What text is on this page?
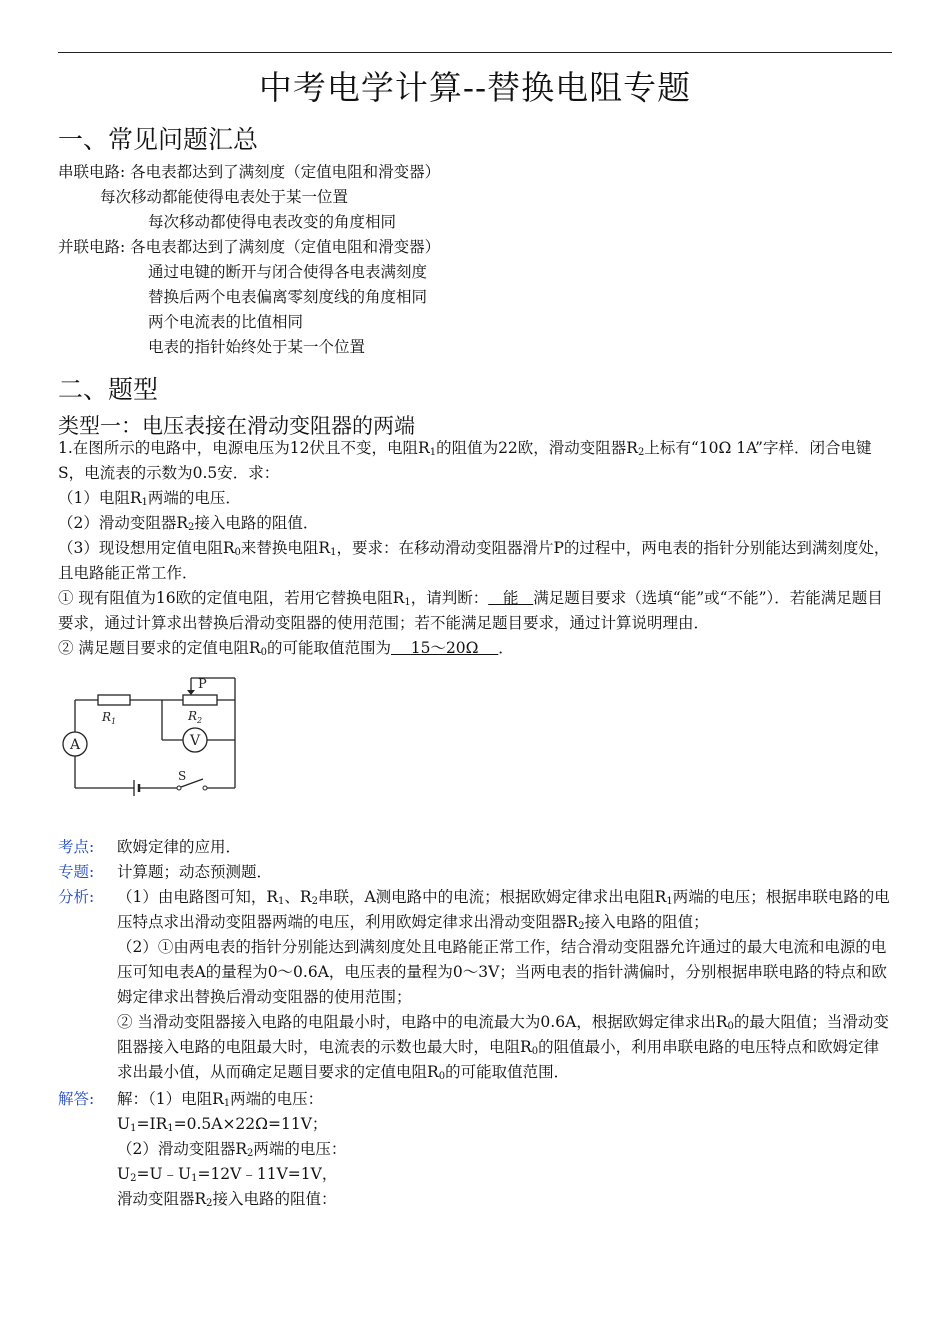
中考电学计算--替换电阻专题
一、常见问题汇总
串联电路: 各电表都达到了满刻度（定值电阻和滑变器）
每次移动都能使得电表处于某一位置
每次移动都使得电表改变的角度相同
并联电路: 各电表都达到了满刻度（定值电阻和滑变器）
通过电键的断开与闭合使得各电表满刻度
替换后两个电表偏离零刻度线的角度相同
两个电流表的比值相同
电表的指针始终处于某一个位置
二、题型
类型一：电压表接在滑动变阻器的两端
1.在图所示的电路中，电源电压为12伏且不变，电阻$R_1$的阻值为22欧，滑动变阻器$R_2$上标有“10Ω 1A”字样．闭合电键S，电流表的示数为0.5安．求：
（1）电阻$R_1$两端的电压．
（2）滑动变阻器$R_2$接入电路的阻值．
（3）现设想用定值电阻$R_0$来替换电阻$R_1$，要求：在移动滑动变阻器滑片P的过程中，两电表的指针分别能达到满刻度处，且电路能正常工作．
① 现有阻值为16欧的定值电阻，若用它替换电阻$R_1$，请判断： 能 满足题目要求（选填“能”或“不能”）．若能满足题目要求，通过计算求出替换后滑动变阻器的使用范围；若不能满足题目要求，通过计算说明理由．
② 满足题目要求的定值电阻$R_0$的可能取值范围为 15～20Ω ．
$R_1$	$R_2$
P
A	V
S
考点: 欧姆定律的应用．
专题: 计算题；动态预测题．
分析: （1）由电路图可知，$R_1$、$R_2$串联，A测电路中的电流；根据欧姆定律求出电阻$R_1$两端的电压；根据串联电路的电压特点求出滑动变阻器两端的电压，利用欧姆定律求出滑动变阻器$R_2$接入电路的阻值；
（2）①由两电表的指针分别能达到满刻度处且电路能正常工作，结合滑动变阻器允许通过的最大电流和电源的电压可知电表A的量程为0～0.6A，电压表的量程为0～3V；当两电表的指针满偏时，分别根据串联电路的特点和欧姆定律求出替换后滑动变阻器的使用范围；
② 当滑动变阻器接入电路的电阻最小时，电路中的电流最大为0.6A，根据欧姆定律求出$R_0$的最大阻值；当滑动变阻器接入电路的电阻最大时，电流表的示数也最大时，电阻$R_0$的阻值最小，利用串联电路的电压特点和欧姆定律求出最小值，从而确定足题目要求的定值电阻$R_0$的可能取值范围．
解答: 解：（1）电阻$R_1$两端的电压：
$U_1=IR_1=0.5A\times 22\Omega=11V$；
（2）滑动变阻器$R_2$两端的电压：
$U_2=U﹣U_1=12V﹣11V=1V$，
滑动变阻器$R_2$接入电路的阻值：
